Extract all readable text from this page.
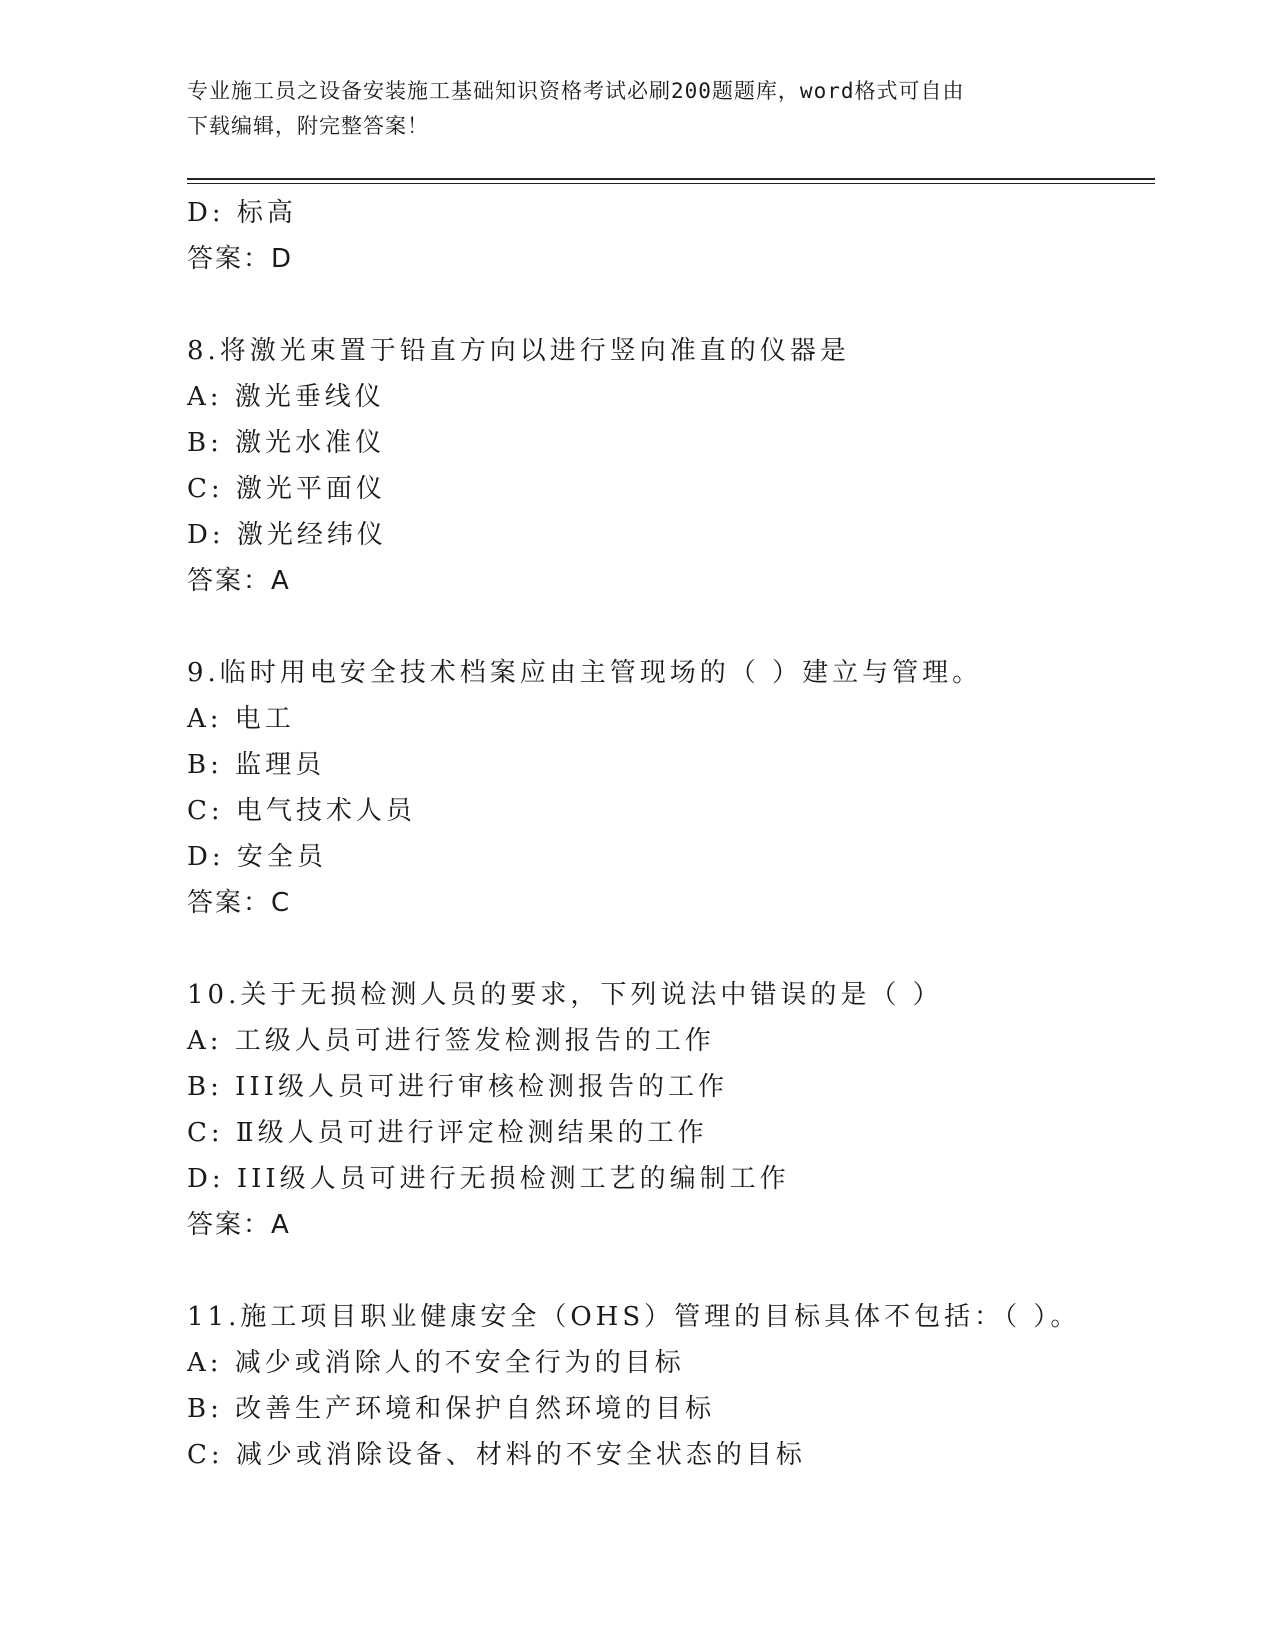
专业施工员之设备安装施工基础知识资格考试必刷200题题库，word格式可自由
下载编辑，附完整答案！
D: 标高
答案：D
8.将激光束置于铅直方向以进行竖向准直的仪器是
A: 激光垂线仪
B: 激光水准仪
C: 激光平面仪
D: 激光经纬仪
答案：A
9.临时用电安全技术档案应由主管现场的（ ）建立与管理。
A: 电工
B: 监理员
C: 电气技术人员
D: 安全员
答案：C
10.关于无损检测人员的要求，下列说法中错误的是（ ）
A: 工级人员可进行签发检测报告的工作
B: III级人员可进行审核检测报告的工作
C: Ⅱ级人员可进行评定检测结果的工作
D: III级人员可进行无损检测工艺的编制工作
答案：A
11.施工项目职业健康安全（OHS）管理的目标具体不包括：（ ）。
A: 减少或消除人的不安全行为的目标
B: 改善生产环境和保护自然环境的目标
C: 减少或消除设备、材料的不安全状态的目标
